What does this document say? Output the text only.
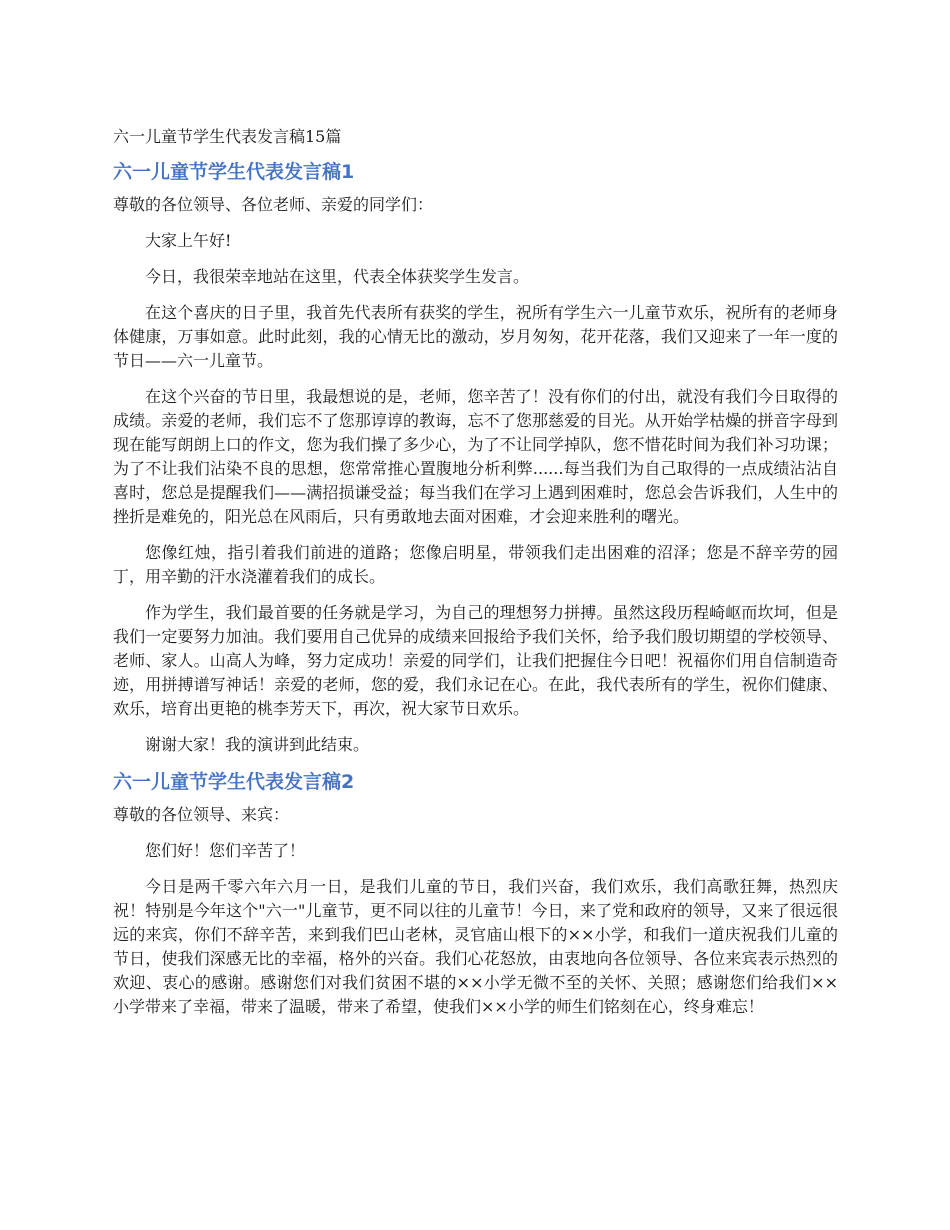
六一儿童节学生代表发言稿15篇
六一儿童节学生代表发言稿1
尊敬的各位领导、各位老师、亲爱的同学们：

大家上午好!

今日，我很荣幸地站在这里，代表全体获奖学生发言。

在这个喜庆的日子里，我首先代表所有获奖的学生，祝所有学生六一儿童节欢乐，祝所有的老师身体健康，万事如意。此时此刻，我的心情无比的激动，岁月匆匆，花开花落，我们又迎来了一年一度的节日——六一儿童节。

在这个兴奋的节日里，我最想说的是，老师，您辛苦了！没有你们的付出，就没有我们今日取得的成绩。亲爱的老师，我们忘不了您那谆谆的教诲，忘不了您那慈爱的目光。从开始学枯燥的拼音字母到现在能写朗朗上口的作文，您为我们操了多少心，为了不让同学掉队，您不惜花时间为我们补习功课；为了不让我们沾染不良的思想，您常常推心置腹地分析利弊......每当我们为自己取得的一点成绩沾沾自喜时，您总是提醒我们——满招损谦受益；每当我们在学习上遇到困难时，您总会告诉我们，人生中的挫折是难免的，阳光总在风雨后，只有勇敢地去面对困难，才会迎来胜利的曙光。

您像红烛，指引着我们前进的道路；您像启明星，带领我们走出困难的沼泽；您是不辞辛劳的园丁，用辛勤的汗水浇灌着我们的成长。

作为学生，我们最首要的任务就是学习，为自己的理想努力拼搏。虽然这段历程崎岖而坎坷，但是我们一定要努力加油。我们要用自己优异的成绩来回报给予我们关怀，给予我们殷切期望的学校领导、老师、家人。山高人为峰，努力定成功！亲爱的同学们，让我们把握住今日吧！祝福你们用自信制造奇迹，用拼搏谱写神话！亲爱的老师，您的爱，我们永记在心。在此，我代表所有的学生，祝你们健康、欢乐，培育出更艳的桃李芳天下，再次，祝大家节日欢乐。

谢谢大家！我的演讲到此结束。

六一儿童节学生代表发言稿2
尊敬的各位领导、来宾：

您们好！您们辛苦了！

今日是两千零六年六月一日，是我们儿童的节日，我们兴奋，我们欢乐，我们高歌狂舞，热烈庆祝！特别是今年这个"六一"儿童节，更不同以往的儿童节！今日，来了党和政府的领导，又来了很远很远的来宾，你们不辞辛苦，来到我们巴山老林，灵官庙山根下的××小学，和我们一道庆祝我们儿童的节日，使我们深感无比的幸福，格外的兴奋。我们心花怒放，由衷地向各位领导、各位来宾表示热烈的欢迎、衷心的感谢。感谢您们对我们贫困不堪的××小学无微不至的关怀、关照；感谢您们给我们××小学带来了幸福，带来了温暖，带来了希望，使我们××小学的师生们铭刻在心，终身难忘！
